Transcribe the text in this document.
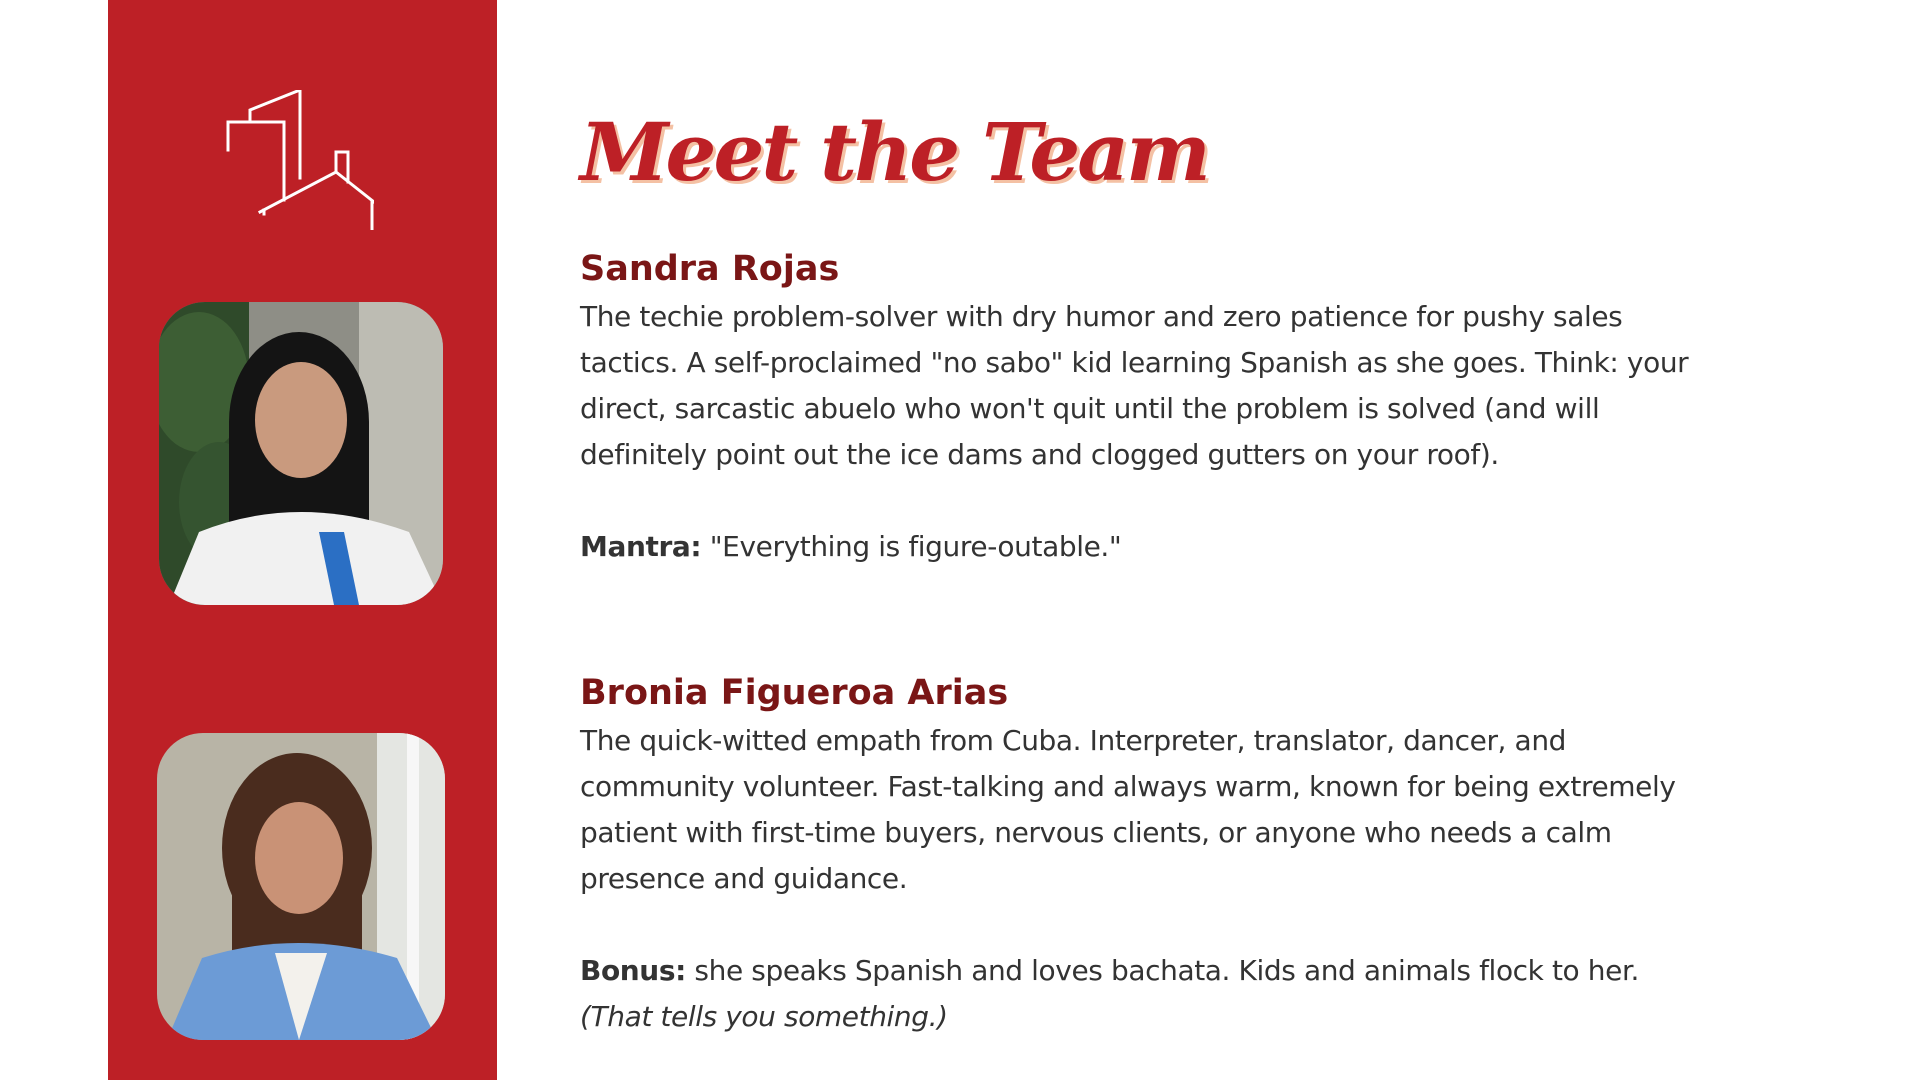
Meet the Team
Sandra Rojas

The techie problem-solver with dry humor and zero patience for pushy sales tactics. A self-proclaimed "no sabo" kid learning Spanish as she goes. Think: your direct, sarcastic abuelo who won't quit until the problem is solved (and will definitely point out the ice dams and clogged gutters on your roof).

Mantra: "Everything is figure-outable."

Bronia Figueroa Arias

The quick-witted empath from Cuba. Interpreter, translator, dancer, and community volunteer. Fast-talking and always warm, known for being extremely patient with first-time buyers, nervous clients, or anyone who needs a calm presence and guidance.

Bonus: she speaks Spanish and loves bachata. Kids and animals flock to her. (That tells you something.)
